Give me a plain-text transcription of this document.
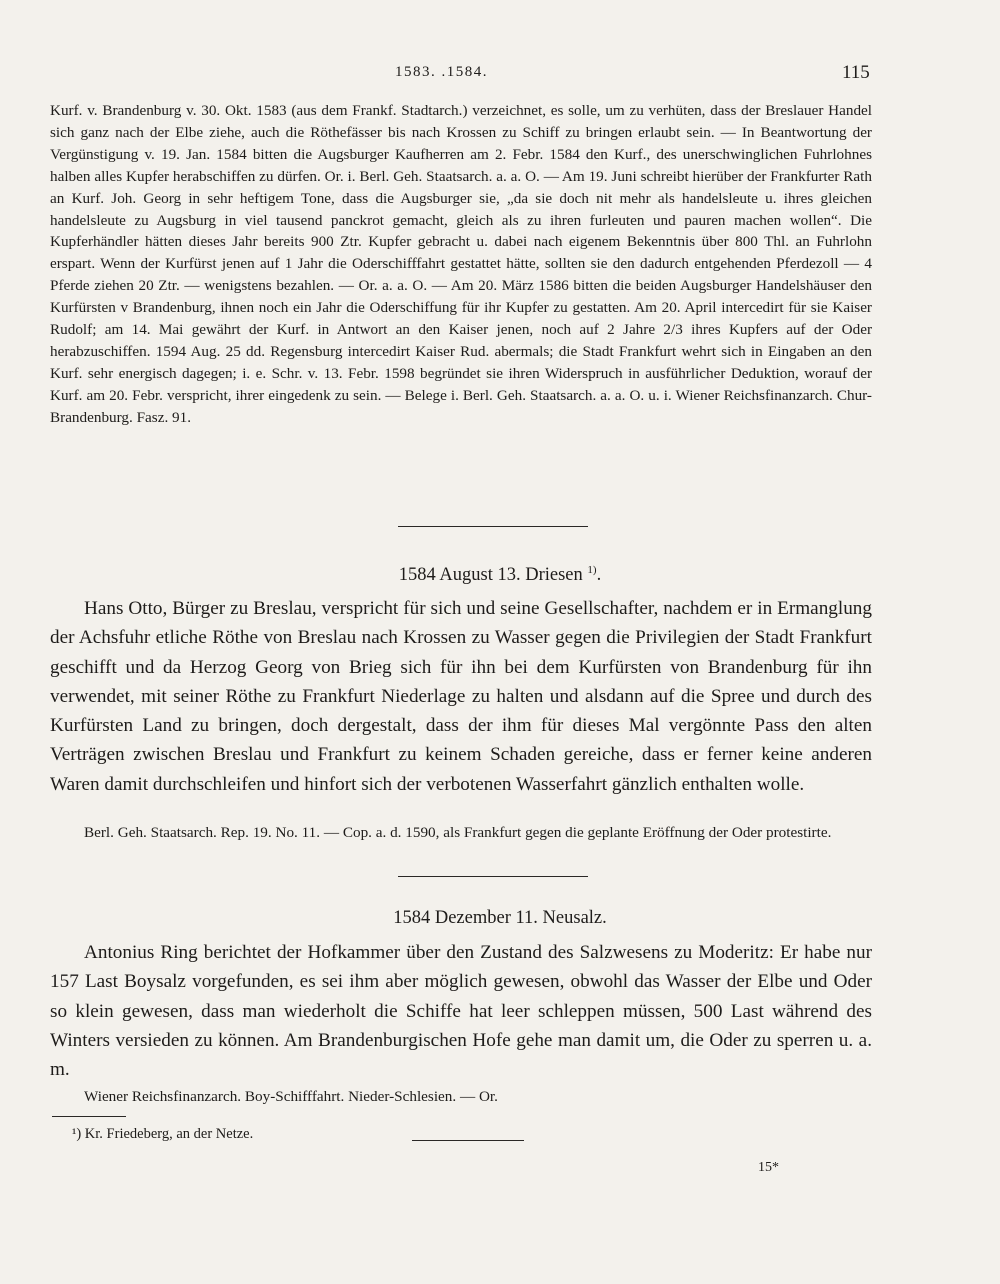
1583. .1584.	115

Kurf. v. Brandenburg v. 30. Okt. 1583 (aus dem Frankf. Stadtarch.) verzeichnet, es solle, um zu verhüten, dass der Breslauer Handel sich ganz nach der Elbe ziehe, auch die Röthefässer bis nach Krossen zu Schiff zu bringen erlaubt sein. — In Beantwortung der Vergünstigung v. 19. Jan. 1584 bitten die Augsburger Kaufherren am 2. Febr. 1584 den Kurf., des unerschwinglichen Fuhrlohnes halben alles Kupfer herabschiffen zu dürfen. Or. i. Berl. Geh. Staatsarch. a. a. O. — Am 19. Juni schreibt hierüber der Frankfurter Rath an Kurf. Joh. Georg in sehr heftigem Tone, dass die Augsburger sie, „da sie doch nit mehr als handelsleute u. ihres gleichen handelsleute zu Augsburg in viel tausend panckrot gemacht, gleich als zu ihren furleuten und pauren machen wollen“. Die Kupferhändler hätten dieses Jahr bereits 900 Ztr. Kupfer gebracht u. dabei nach eigenem Bekenntnis über 800 Thl. an Fuhrlohn erspart. Wenn der Kurfürst jenen auf 1 Jahr die Oderschifffahrt gestattet hätte, sollten sie den dadurch entgehenden Pferdezoll — 4 Pferde ziehen 20 Ztr. — wenigstens bezahlen. — Or. a. a. O. — Am 20. März 1586 bitten die beiden Augsburger Handelshäuser den Kurfürsten v Brandenburg, ihnen noch ein Jahr die Oderschiffung für ihr Kupfer zu gestatten. Am 20. April intercedirt für sie Kaiser Rudolf; am 14. Mai gewährt der Kurf. in Antwort an den Kaiser jenen, noch auf 2 Jahre 2/3 ihres Kupfers auf der Oder herabzuschiffen. 1594 Aug. 25 dd. Regensburg intercedirt Kaiser Rud. abermals; die Stadt Frankfurt wehrt sich in Eingaben an den Kurf. sehr energisch dagegen; i. e. Schr. v. 13. Febr. 1598 begründet sie ihren Widerspruch in ausführlicher Deduktion, worauf der Kurf. am 20. Febr. verspricht, ihrer eingedenk zu sein. — Belege i. Berl. Geh. Staatsarch. a. a. O. u. i. Wiener Reichsfinanzarch. Chur-Brandenburg. Fasz. 91.

1584 August 13. Driesen $^{1)}$.

Hans Otto, Bürger zu Breslau, verspricht für sich und seine Gesellschafter, nachdem er in Ermanglung der Achsfuhr etliche Röthe von Breslau nach Krossen zu Wasser gegen die Privilegien der Stadt Frankfurt geschifft und da Herzog Georg von Brieg sich für ihn bei dem Kurfürsten von Brandenburg für ihn verwendet, mit seiner Röthe zu Frankfurt Niederlage zu halten und alsdann auf die Spree und durch des Kurfürsten Land zu bringen, doch dergestalt, dass der ihm für dieses Mal vergönnte Pass den alten Verträgen zwischen Breslau und Frankfurt zu keinem Schaden gereiche, dass er ferner keine anderen Waren damit durchschleifen und hinfort sich der verbotenen Wasserfahrt gänzlich enthalten wolle.

Berl. Geh. Staatsarch. Rep. 19. No. 11. — Cop. a. d. 1590, als Frankfurt gegen die geplante Eröffnung der Oder protestirte.

1584 Dezember 11. Neusalz.

Antonius Ring berichtet der Hofkammer über den Zustand des Salzwesens zu Moderitz: Er habe nur 157 Last Boysalz vorgefunden, es sei ihm aber möglich gewesen, obwohl das Wasser der Elbe und Oder so klein gewesen, dass man wiederholt die Schiffe hat leer schleppen müssen, 500 Last während des Winters versieden zu können. Am Brandenburgischen Hofe gehe man damit um, die Oder zu sperren u. a. m.

Wiener Reichsfinanzarch. Boy-Schifffahrt. Nieder-Schlesien. — Or.

¹) Kr. Friedeberg, an der Netze.

15*
